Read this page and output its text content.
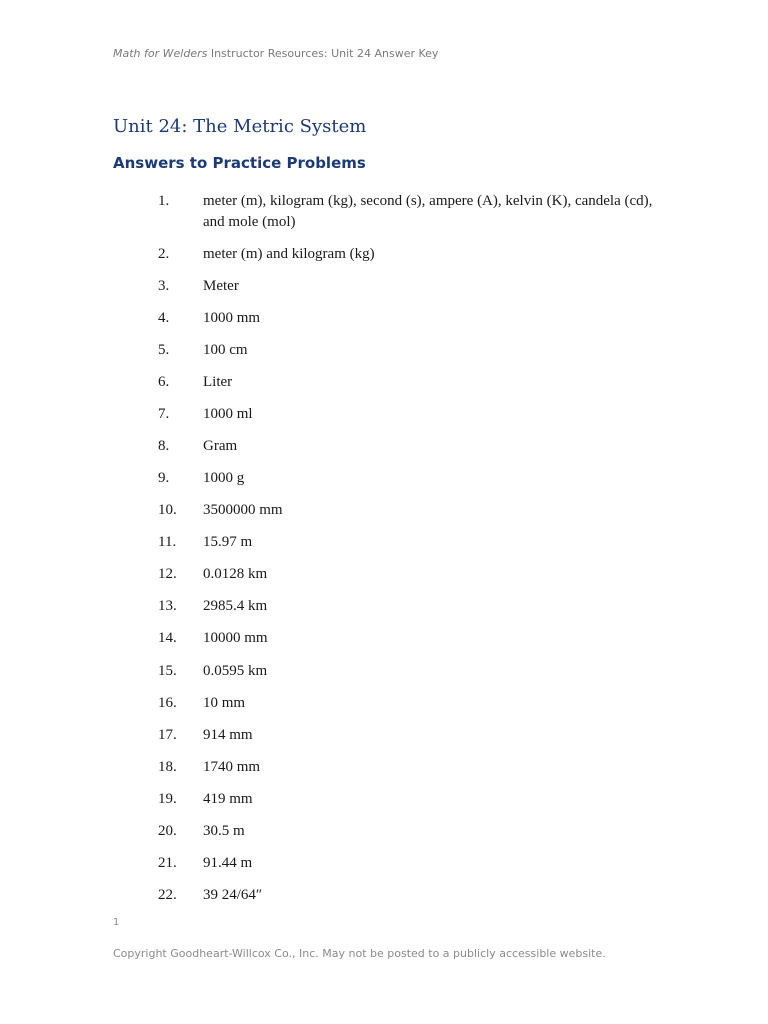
Math for Welders Instructor Resources: Unit 24 Answer Key
Unit 24: The Metric System
Answers to Practice Problems
1. meter (m), kilogram (kg), second (s), ampere (A), kelvin (K), candela (cd), and mole (mol)
2. meter (m) and kilogram (kg)
3. Meter
4. 1000 mm
5. 100 cm
6. Liter
7. 1000 ml
8. Gram
9. 1000 g
10. 3500000 mm
11. 15.97 m
12. 0.0128 km
13. 2985.4 km
14. 10000 mm
15. 0.0595 km
16. 10 mm
17. 914 mm
18. 1740 mm
19. 419 mm
20. 30.5 m
21. 91.44 m
22. 39 24/64″
1
Copyright Goodheart-Willcox Co., Inc. May not be posted to a publicly accessible website.
